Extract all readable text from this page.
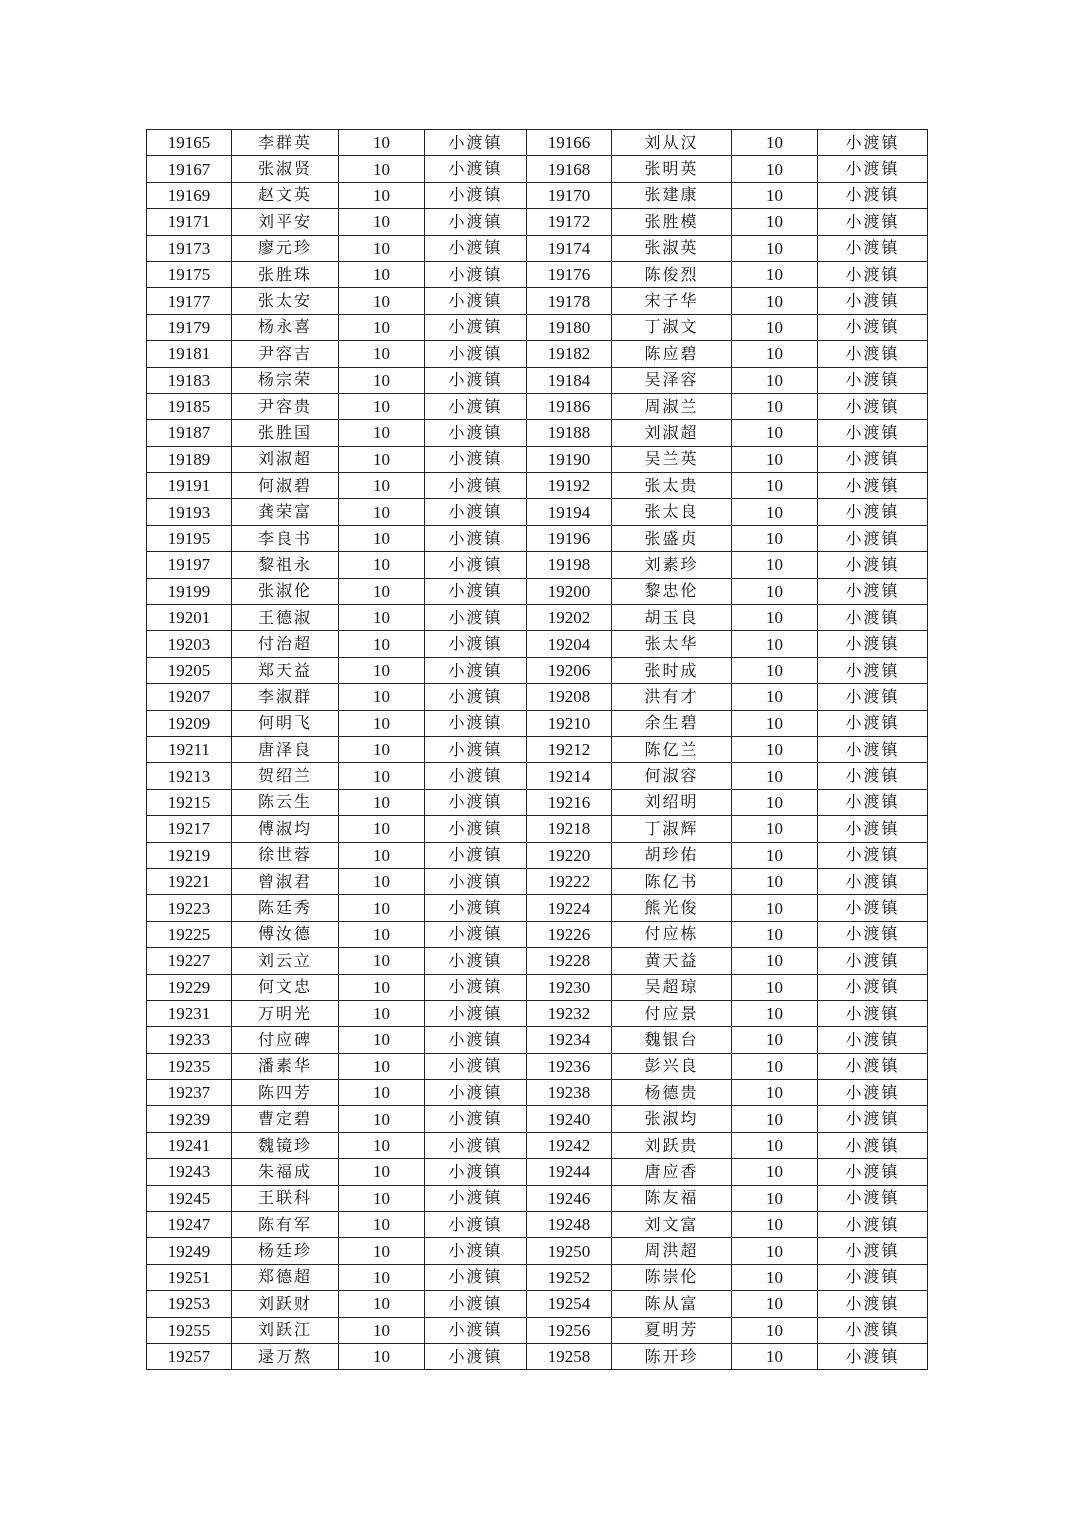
19165	李群英	10	小渡镇	19166	刘从汉	10	小渡镇
19167	张淑贤	10	小渡镇	19168	张明英	10	小渡镇
19169	赵文英	10	小渡镇	19170	张建康	10	小渡镇
19171	刘平安	10	小渡镇	19172	张胜模	10	小渡镇
19173	廖元珍	10	小渡镇	19174	张淑英	10	小渡镇
19175	张胜珠	10	小渡镇	19176	陈俊烈	10	小渡镇
19177	张太安	10	小渡镇	19178	宋子华	10	小渡镇
19179	杨永喜	10	小渡镇	19180	丁淑文	10	小渡镇
19181	尹容吉	10	小渡镇	19182	陈应碧	10	小渡镇
19183	杨宗荣	10	小渡镇	19184	吴泽容	10	小渡镇
19185	尹容贵	10	小渡镇	19186	周淑兰	10	小渡镇
19187	张胜国	10	小渡镇	19188	刘淑超	10	小渡镇
19189	刘淑超	10	小渡镇	19190	吴兰英	10	小渡镇
19191	何淑碧	10	小渡镇	19192	张太贵	10	小渡镇
19193	龚荣富	10	小渡镇	19194	张太良	10	小渡镇
19195	李良书	10	小渡镇	19196	张盛贞	10	小渡镇
19197	黎祖永	10	小渡镇	19198	刘素珍	10	小渡镇
19199	张淑伦	10	小渡镇	19200	黎忠伦	10	小渡镇
19201	王德淑	10	小渡镇	19202	胡玉良	10	小渡镇
19203	付治超	10	小渡镇	19204	张太华	10	小渡镇
19205	郑天益	10	小渡镇	19206	张时成	10	小渡镇
19207	李淑群	10	小渡镇	19208	洪有才	10	小渡镇
19209	何明飞	10	小渡镇	19210	余生碧	10	小渡镇
19211	唐泽良	10	小渡镇	19212	陈亿兰	10	小渡镇
19213	贺绍兰	10	小渡镇	19214	何淑容	10	小渡镇
19215	陈云生	10	小渡镇	19216	刘绍明	10	小渡镇
19217	傅淑均	10	小渡镇	19218	丁淑辉	10	小渡镇
19219	徐世蓉	10	小渡镇	19220	胡珍佑	10	小渡镇
19221	曾淑君	10	小渡镇	19222	陈亿书	10	小渡镇
19223	陈廷秀	10	小渡镇	19224	熊光俊	10	小渡镇
19225	傅汝德	10	小渡镇	19226	付应栋	10	小渡镇
19227	刘云立	10	小渡镇	19228	黄天益	10	小渡镇
19229	何文忠	10	小渡镇	19230	吴超琼	10	小渡镇
19231	万明光	10	小渡镇	19232	付应景	10	小渡镇
19233	付应碑	10	小渡镇	19234	魏银台	10	小渡镇
19235	潘素华	10	小渡镇	19236	彭兴良	10	小渡镇
19237	陈四芳	10	小渡镇	19238	杨德贵	10	小渡镇
19239	曹定碧	10	小渡镇	19240	张淑均	10	小渡镇
19241	魏镜珍	10	小渡镇	19242	刘跃贵	10	小渡镇
19243	朱福成	10	小渡镇	19244	唐应香	10	小渡镇
19245	王联科	10	小渡镇	19246	陈友福	10	小渡镇
19247	陈有军	10	小渡镇	19248	刘文富	10	小渡镇
19249	杨廷珍	10	小渡镇	19250	周洪超	10	小渡镇
19251	郑德超	10	小渡镇	19252	陈崇伦	10	小渡镇
19253	刘跃财	10	小渡镇	19254	陈从富	10	小渡镇
19255	刘跃江	10	小渡镇	19256	夏明芳	10	小渡镇
19257	逯万熬	10	小渡镇	19258	陈开珍	10	小渡镇
